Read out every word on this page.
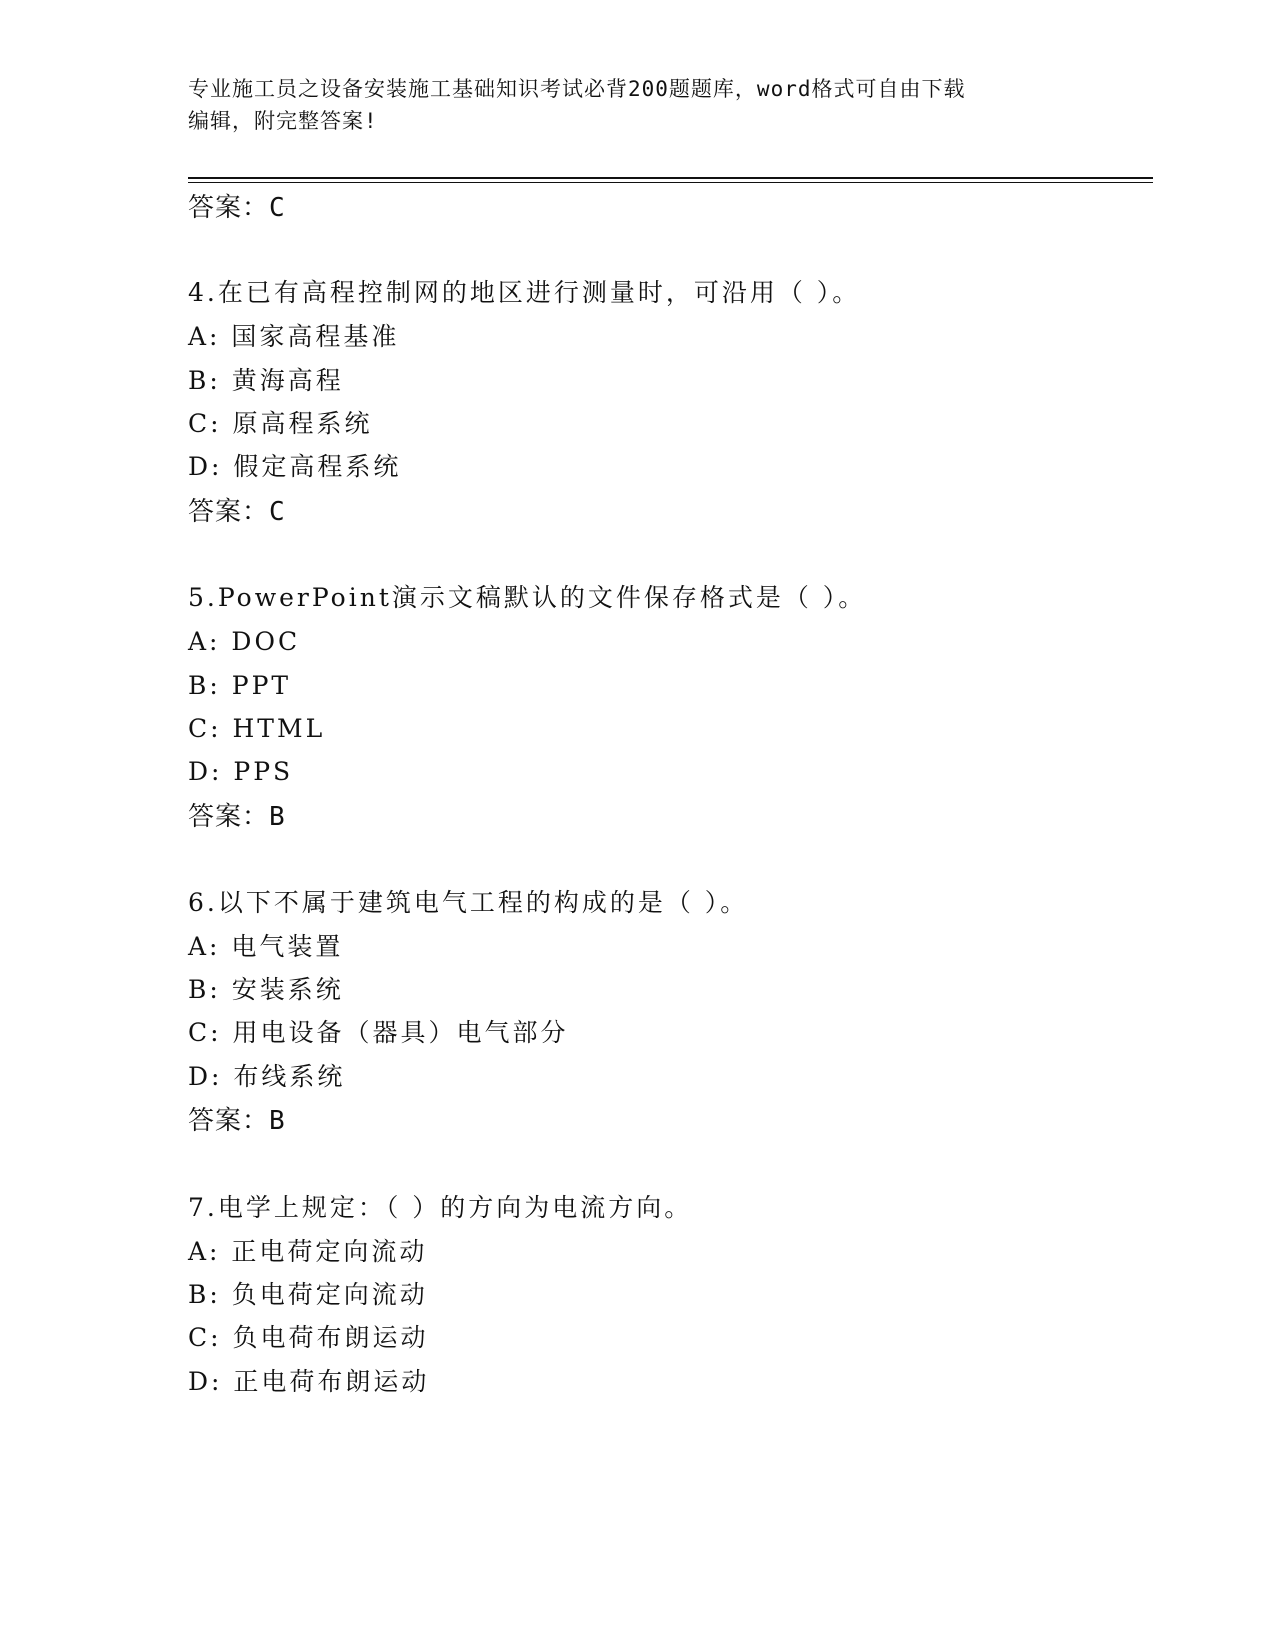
专业施工员之设备安装施工基础知识考试必背200题题库，word格式可自由下载
编辑，附完整答案!
答案：C
4.在已有高程控制网的地区进行测量时，可沿用（ ）。
A: 国家高程基准
B: 黄海高程
C: 原高程系统
D: 假定高程系统
答案：C
5.PowerPoint演示文稿默认的文件保存格式是（ ）。
A: DOC
B: PPT
C: HTML
D: PPS
答案：B
6.以下不属于建筑电气工程的构成的是（ ）。
A: 电气装置
B: 安装系统
C: 用电设备（器具）电气部分
D: 布线系统
答案：B
7.电学上规定：（ ）的方向为电流方向。
A: 正电荷定向流动
B: 负电荷定向流动
C: 负电荷布朗运动
D: 正电荷布朗运动
